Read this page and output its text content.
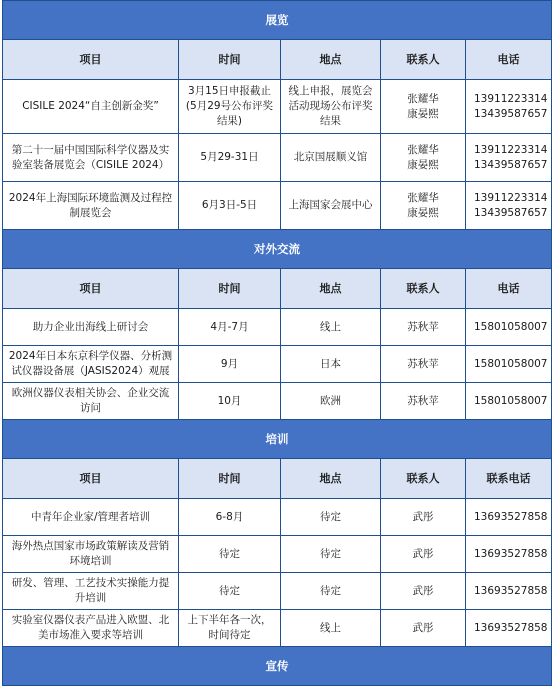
展览				
项目	时间	地点	联系人	电话

CISILE 2024“自主创新金奖”	3月15日申报截止
(5月29号公布评奖
结果)	线上申报，展览会
活动现场公布评奖
结果	张耀华
康晏熙	13911223314
13439587657

第二十一届中国国际科学仪器及实
验室装备展览会（CISILE 2024）	5月29-31日	北京国展顺义馆	张耀华
康晏熙	13911223314
13439587657

2024年上海国际环境监测及过程控
制展览会	6月3日-5日	上海国家会展中心	张耀华
康晏熙	13911223314
13439587657

对外交流				
项目	时间	地点	联系人	电话

助力企业出海线上研讨会	4月-7月	线上	苏秋苹	15801058007

2024年日本东京科学仪器、分析测
试仪器设备展（JASIS2024）观展	9月	日本	苏秋苹	15801058007

欧洲仪器仪表相关协会、企业交流
访问	10月	欧洲	苏秋苹	15801058007

培训				
项目	时间	地点	联系人	联系电话

中青年企业家/管理者培训	6-8月	待定	武彤	13693527858

海外热点国家市场政策解读及营销
环境培训	待定	待定	武彤	13693527858

研发、管理、工艺技术实操能力提
升培训	待定	待定	武彤	13693527858

实验室仪器仪表产品进入欧盟、北
美市场准入要求等培训	上下半年各一次，
时间待定	线上	武彤	13693527858

宣传				
